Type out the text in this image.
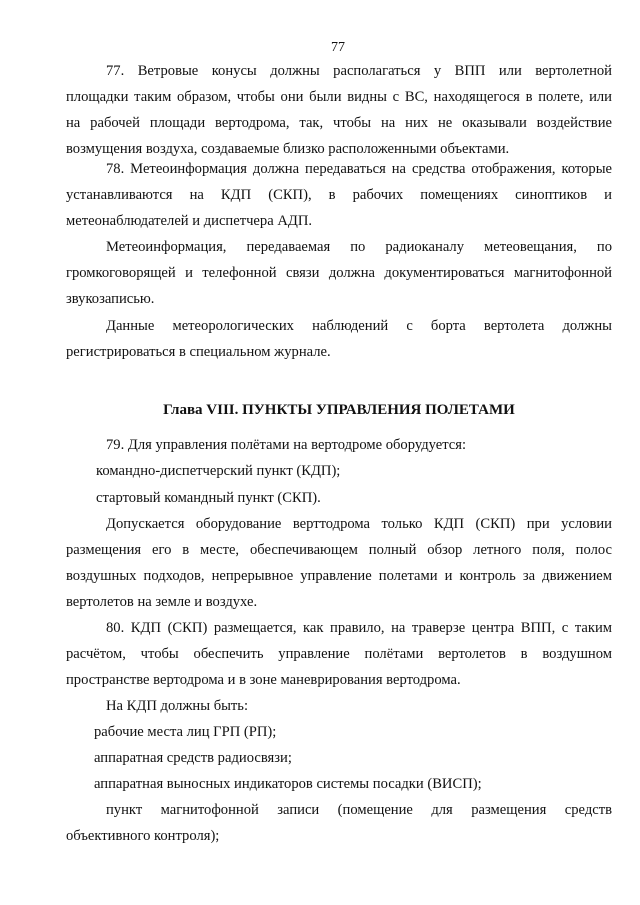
77

77. Ветровые конусы должны располагаться у ВПП или вертолетной
площадки таким образом, чтобы они были видны с ВС, находящегося в полете, или
на рабочей площади вертодрома, так, чтобы на них не оказывали воздействие
возмущения воздуха, создаваемые близко расположенными объектами.

78. Метеоинформация должна передаваться на средства отображения, которые
устанавливаются на КДП (СКП), в рабочих помещениях синоптиков и
метеонаблюдателей и диспетчера АДП.

Метеоинформация, передаваемая по радиоканалу метеовещания, по
громкоговорящей и телефонной связи должна документироваться магнитофонной
звукозаписью.

Данные метеорологических наблюдений с борта вертолета должны
регистрироваться в специальном журнале.

Глава VIII. ПУНКТЫ УПРАВЛЕНИЯ ПОЛЕТАМИ

79. Для управления полётами на вертодроме оборудуется:

командно-диспетчерский пункт (КДП);

стартовый командный пункт (СКП).

Допускается оборудование верттодрома только КДП (СКП) при условии
размещения его в месте, обеспечивающем полный обзор летного поля, полос
воздушных подходов, непрерывное управление полетами и контроль за движением
вертолетов на земле и воздухе.

80. КДП (СКП) размещается, как правило, на траверзе центра ВПП, с таким
расчётом, чтобы обеспечить управление полётами вертолетов в воздушном
пространстве вертодрома и в зоне маневрирования вертодрома.

На КДП должны быть:

рабочие места лиц ГРП (РП);

аппаратная средств радиосвязи;

аппаратная выносных индикаторов системы посадки (ВИСП);

пункт магнитофонной записи (помещение для размещения средств
объективного контроля);
